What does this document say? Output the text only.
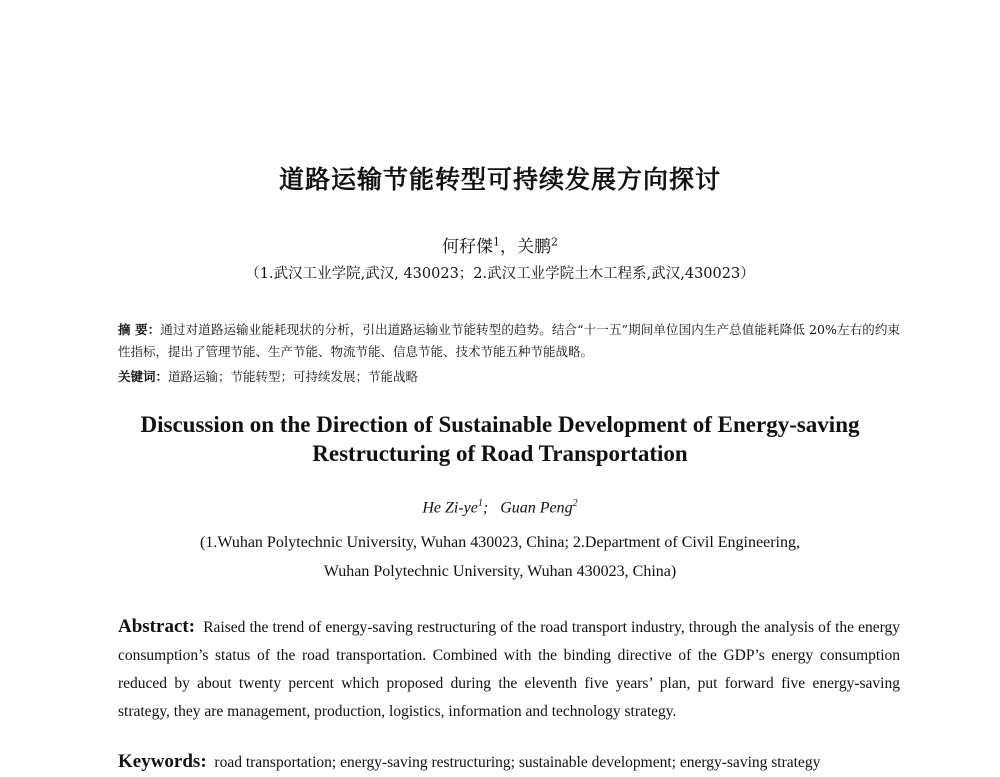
道路运输节能转型可持续发展方向探讨
何秄傑$^1$，关鹏$^2$
（1.武汉工业学院,武汉, 430023；2.武汉工业学院土木工程系,武汉,430023）
摘 要：通过对道路运输业能耗现状的分析，引出道路运输业节能转型的趋势。结合“十一五”期间单位国内生产总值能耗降低 20%左右的约束性指标，提出了管理节能、生产节能、物流节能、信息节能、技术节能五种节能战略。
关键词：道路运输；节能转型；可持续发展；节能战略
Discussion on the Direction of Sustainable Development of Energy-saving
Restructuring of Road Transportation
He $Zi-ye^1$; Guan Peng$^2$
(1.Wuhan Polytechnic University, Wuhan 430023, China; 2.Department of Civil Engineering,
Wuhan Polytechnic University, Wuhan 430023, China)
Abstract: Raised the trend of energy-saving restructuring of the road transport industry, through the analysis of the energy consumption’s status of the road transportation. Combined with the binding directive of the GDP’s energy consumption reduced by about twenty percent which proposed during the eleventh five years’ plan, put forward five energy-saving strategy, they are management, production, logistics, information and technology strategy.
Keywords: road transportation; energy-saving restructuring; sustainable development; energy-saving strategy
